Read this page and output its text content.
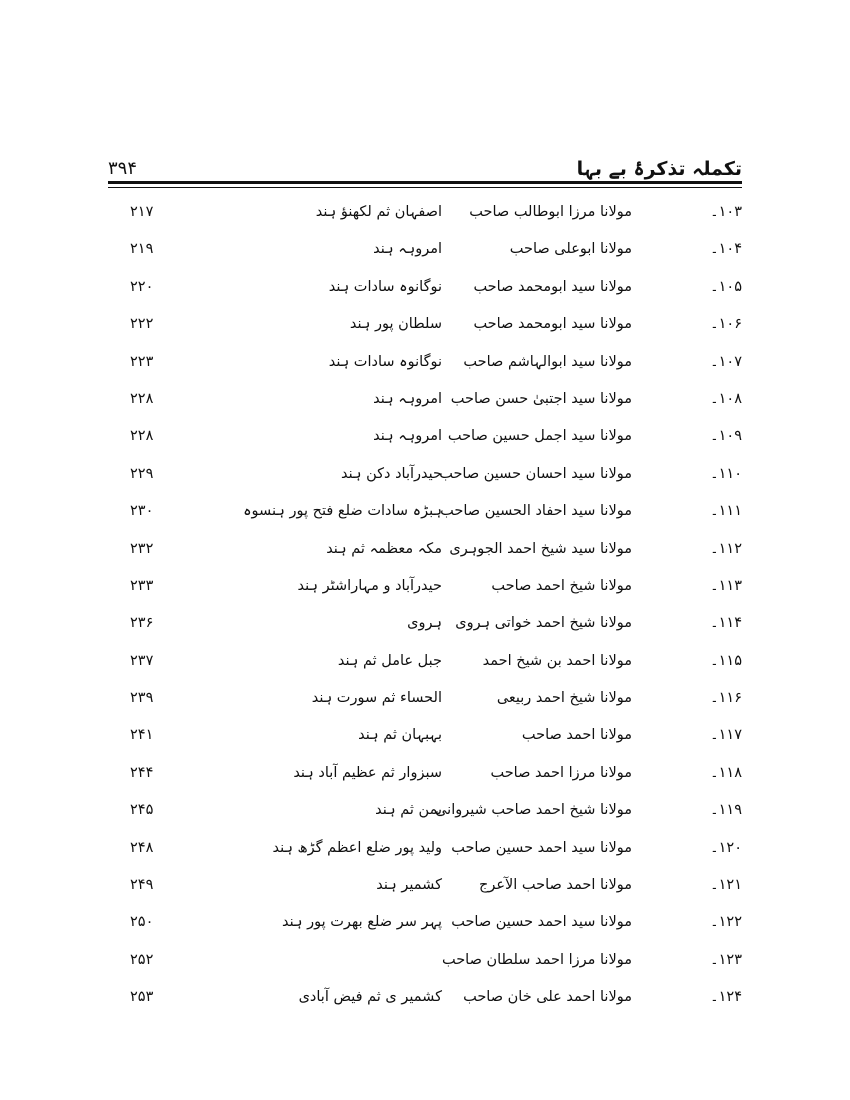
تکملہ تذکرۂ بے بہا
۳۹۴
۱۰۳۔
مولانا مرزا ابوطالب صاحب
اصفہان ثم لکھنؤ ہند
۲۱۷
۱۰۴۔
مولانا ابوعلی صاحب
امروہہ ہند
۲۱۹
۱۰۵۔
مولانا سید ابومحمد صاحب
نوگانوہ سادات ہند
۲۲۰
۱۰۶۔
مولانا سید ابومحمد صاحب
سلطان پور ہند
۲۲۲
۱۰۷۔
مولانا سید ابوالہاشم صاحب
نوگانوہ سادات ہند
۲۲۳
۱۰۸۔
مولانا سید اجتبیٰ حسن صاحب
امروہہ ہند
۲۲۸
۱۰۹۔
مولانا سید اجمل حسین صاحب
امروہہ ہند
۲۲۸
۱۱۰۔
مولانا سید احسان حسین صاحب
حیدرآباد دکن ہند
۲۲۹
۱۱۱۔
مولانا سید احفاد الحسین صاحب
ہبڑہ سادات ضلع فتح پور ہنسوہ
۲۳۰
۱۱۲۔
مولانا سید شیخ احمد الجوہری
مکہ معظمہ ثم ہند
۲۳۲
۱۱۳۔
مولانا شیخ احمد صاحب
حیدرآباد و مہاراشٹر ہند
۲۳۳
۱۱۴۔
مولانا شیخ احمد خواتی ہروی
ہروی
۲۳۶
۱۱۵۔
مولانا احمد بن شیخ احمد
جبل عامل ثم ہند
۲۳۷
۱۱۶۔
مولانا شیخ احمد ربیعی
الحساء ثم سورت ہند
۲۳۹
۱۱۷۔
مولانا احمد صاحب
بہبہان ثم ہند
۲۴۱
۱۱۸۔
مولانا مرزا احمد صاحب
سبزوار ثم عظیم آباد ہند
۲۴۴
۱۱۹۔
مولانا شیخ احمد صاحب شیروانی
یمن ثم ہند
۲۴۵
۱۲۰۔
مولانا سید احمد حسین صاحب
ولید پور ضلع اعظم گڑھ ہند
۲۴۸
۱۲۱۔
مولانا احمد صاحب الآعرج
کشمیر ہند
۲۴۹
۱۲۲۔
مولانا سید احمد حسین صاحب
پہر سر ضلع بھرت پور ہند
۲۵۰
۱۲۳۔
مولانا مرزا احمد سلطان صاحب
۲۵۲
۱۲۴۔
مولانا احمد علی خان صاحب
کشمیر ی ثم فیض آبادی
۲۵۳
